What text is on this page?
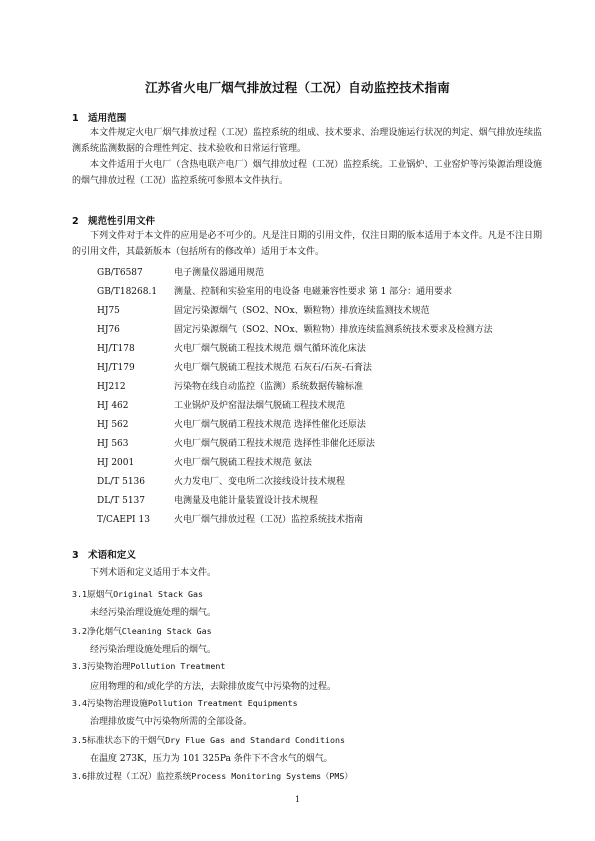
江苏省火电厂烟气排放过程（工况）自动监控技术指南
1 适用范围
本文件规定火电厂烟气排放过程（工况）监控系统的组成、技术要求、治理设施运行状况的判定、烟气排放连续监测系统监测数据的合理性判定、技术验收和日常运行管理。
本文件适用于火电厂（含热电联产电厂）烟气排放过程（工况）监控系统。工业锅炉、工业窑炉等污染源治理设施的烟气排放过程（工况）监控系统可参照本文件执行。
2 规范性引用文件
下列文件对于本文件的应用是必不可少的。凡是注日期的引用文件，仅注日期的版本适用于本文件。凡是不注日期的引用文件，其最新版本（包括所有的修改单）适用于本文件。
GB/T6587	电子测量仪器通用规范
GB/T18268.1 测量、控制和实验室用的电设备 电磁兼容性要求 第 1 部分：通用要求
HJ75	固定污染源烟气（SO2、NOx、颗粒物）排放连续监测技术规范
HJ76	固定污染源烟气（SO2、NOx、颗粒物）排放连续监测系统技术要求及检测方法
HJ/T178	火电厂烟气脱硫工程技术规范 烟气循环流化床法
HJ/T179	火电厂烟气脱硫工程技术规范 石灰石/石灰-石膏法
HJ212	污染物在线自动监控（监测）系统数据传输标准
HJ 462	工业锅炉及炉窑湿法烟气脱硫工程技术规范
HJ 562	火电厂烟气脱硝工程技术规范 选择性催化还原法
HJ 563	火电厂烟气脱硝工程技术规范 选择性非催化还原法
HJ 2001	火电厂烟气脱硫工程技术规范 氨法
DL/T 5136	火力发电厂、变电所二次接线设计技术规程
DL/T 5137	电测量及电能计量装置设计技术规程
T/CAEPI 13	火电厂烟气排放过程（工况）监控系统技术指南
3 术语和定义
下列术语和定义适用于本文件。
3.1原烟气Original Stack Gas
未经污染治理设施处理的烟气。
3.2净化烟气Cleaning Stack Gas
经污染治理设施处理后的烟气。
3.3污染物治理Pollution Treatment
应用物理的和/或化学的方法，去除排放废气中污染物的过程。
3.4污染物治理设施Pollution Treatment Equipments
治理排放废气中污染物所需的全部设备。
3.5标准状态下的干烟气Dry Flue Gas and Standard Conditions
在温度 273K，压力为 101 325Pa 条件下不含水气的烟气。
3.6排放过程（工况）监控系统Process Monitoring Systems（PMS）
1
